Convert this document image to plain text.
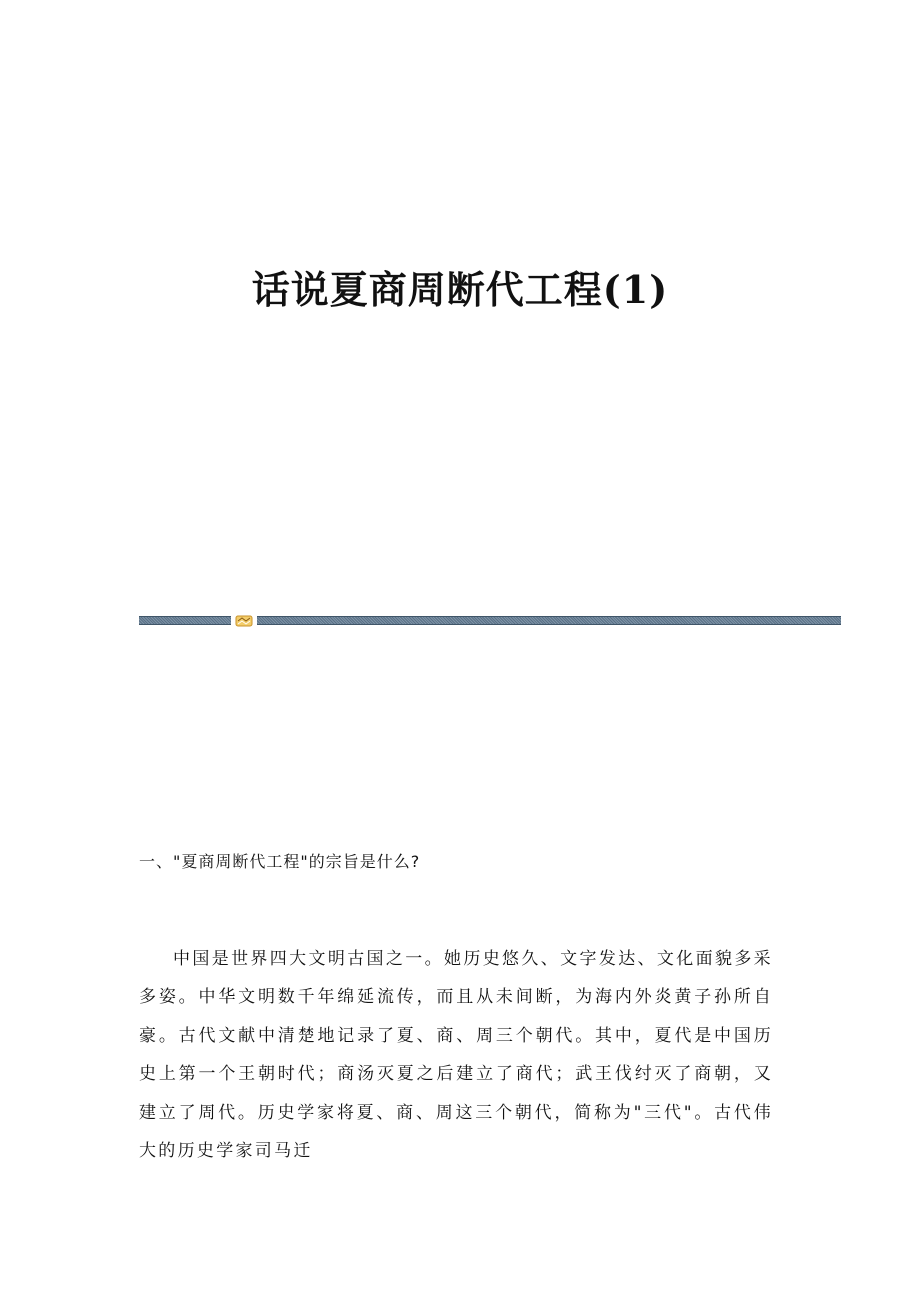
话说夏商周断代工程(1)
一、"夏商周断代工程"的宗旨是什么?

中国是世界四大文明古国之一。她历史悠久、文字发达、文化面貌多采多姿。中华文明数千年绵延流传，而且从未间断，为海内外炎黄子孙所自豪。古代文献中清楚地记录了夏、商、周三个朝代。其中，夏代是中国历史上第一个王朝时代；商汤灭夏之后建立了商代；武王伐纣灭了商朝，又建立了周代。历史学家将夏、商、周这三个朝代，简称为"三代"。古代伟大的历史学家司马迁
